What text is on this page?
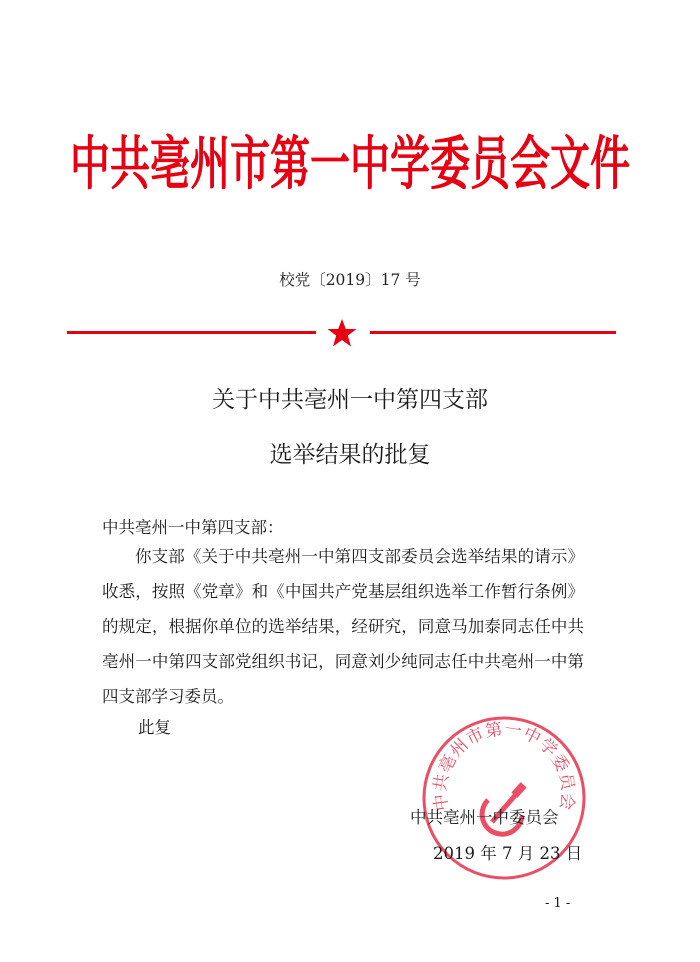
中共亳州市第一中学委员会文件
校党〔2019〕17 号
关于中共亳州一中第四支部
选举结果的批复
中共亳州一中第四支部：
你支部《关于中共亳州一中第四支部委员会选举结果的请示》收悉，按照《党章》和《中国共产党基层组织选举工作暂行条例》的规定，根据你单位的选举结果，经研究，同意马加泰同志任中共亳州一中第四支部党组织书记，同意刘少纯同志任中共亳州一中第四支部学习委员。
此复
中共亳州市第一中学委员会
中共亳州一中委员会
2019 年 7 月 23 日
- 1 -
